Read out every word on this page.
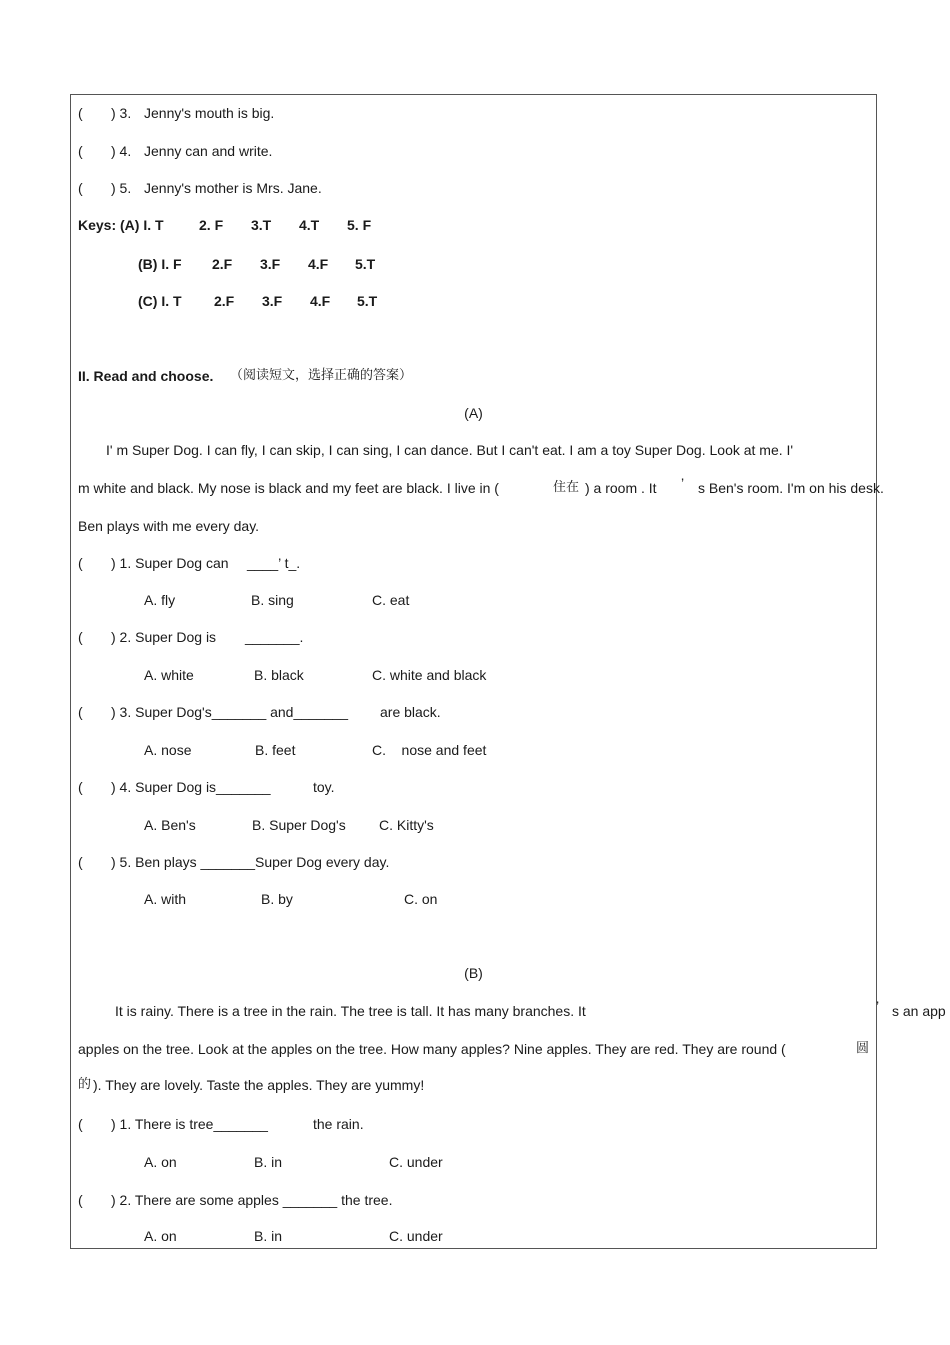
( ) 3. Jenny's mouth is big.
( ) 4. Jenny can and write.
( ) 5. Jenny's mother is Mrs. Jane.
Keys: (A) I. T	2. F 3.T 4.T 5. F
(B) I. F 2.F 3.F 4.F 5.T
(C) I. T 2.F 3.F 4.F 5.T
II. Read and choose. （阅读短文，选择正确的答案）
(A)
I' m Super Dog. I can fly, I can skip, I can sing, I can dance. But I can't eat. I am a toy Super Dog. Look at me. I'
m white and black. My nose is black and my feet are black. I live in (	住在 ) a room . It ’ s Ben's room. I'm on his desk.
Ben plays with me every day.
( ) 1. Super Dog can ____’ t_.
A. fly	B. sing	C. eat
( ) 2. Super Dog is _______.
A. white	B. black	C. white and black
( ) 3. Super Dog's_______ and_______ are black.
A. nose	B. feet	C.    nose and feet
( ) 4. Super Dog is_______	toy.
A. Ben's	B. Super Dog's C. Kitty's
( ) 5. Ben plays _______Super Dog every day.
A. with	B. by	C. on
(B)
It is rainy. There is a tree in the rain. The tree is tall. It has many branches. It	’ s an app
apples on the tree. Look at the apples on the tree. How many apples? Nine apples. They are red. They are round (	圆
的 ). They are lovely. Taste the apples. They are yummy!
( ) 1. There is tree_______	the rain.
A. on	B. in	C. under
( ) 2. There are some apples _______ the tree.
A. on	B. in	C. under
